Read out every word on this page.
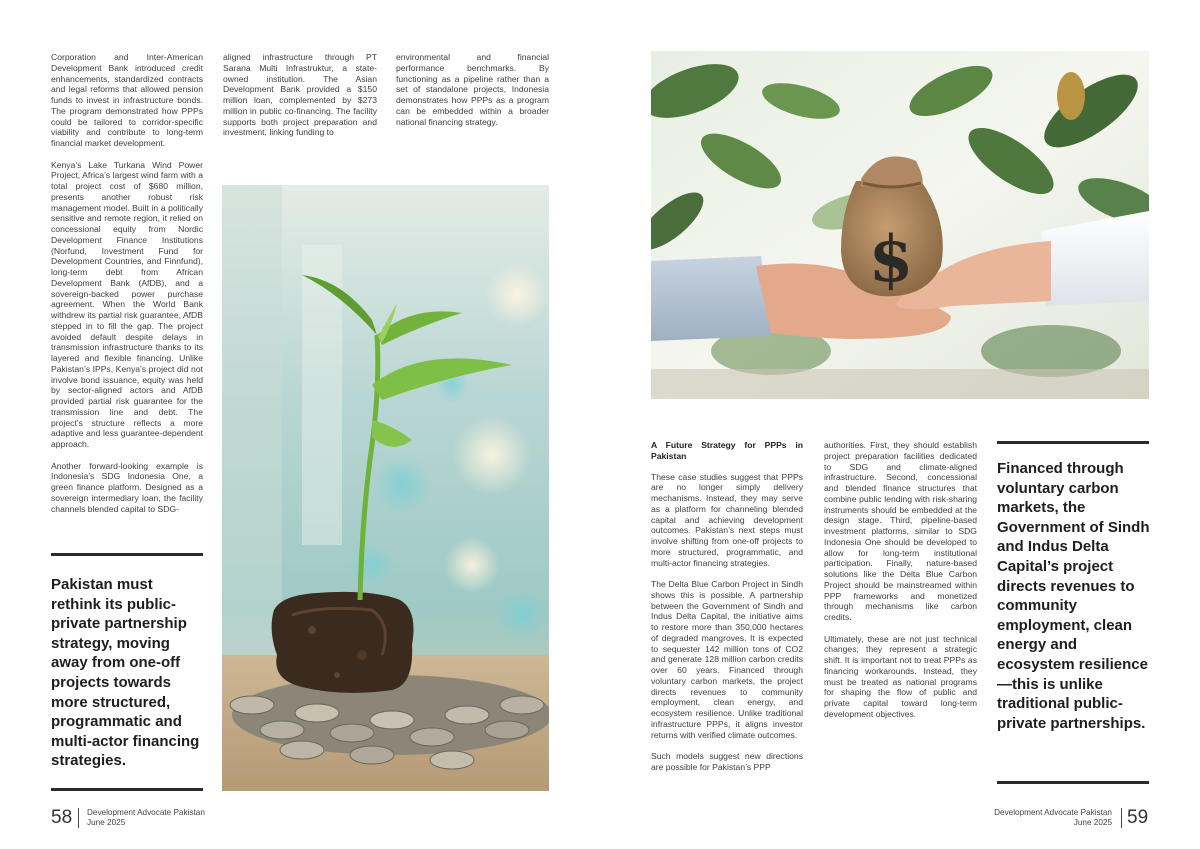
Corporation and Inter-American Development Bank introduced credit enhancements, standardized contracts and legal reforms that allowed pension funds to invest in infrastructure bonds. The program demonstrated how PPPs could be tailored to corridor-specific viability and contribute to long-term financial market development.

Kenya’s Lake Turkana Wind Power Project, Africa’s largest wind farm with a total project cost of $680 million, presents another robust risk management model. Built in a politically sensitive and remote region, it relied on concessional equity from Nordic Development Finance Institutions (Norfund, Investment Fund for Development Countries, and Finnfund), long-term debt from African Development Bank (AfDB), and a sovereign-backed power purchase agreement. When the World Bank withdrew its partial risk guarantee, AfDB stepped in to fill the gap. The project avoided default despite delays in transmission infrastructure thanks to its layered and flexible financing. Unlike Pakistan’s IPPs, Kenya’s project did not involve bond issuance, equity was held by sector-aligned actors and AfDB provided partial risk guarantee for the transmission line and debt. The project’s structure reflects a more adaptive and less guarantee-dependent approach.

Another forward-looking example is Indonesia’s SDG Indonesia One, a green finance platform. Designed as a sovereign intermediary loan, the facility channels blended capital to SDG-

aligned infrastructure through PT Sarana Multi Infrastruktur, a state-owned institution. The Asian Development Bank provided a $150 million loan, complemented by $273 million in public co-financing. The facility supports both project preparation and investment, linking funding to

environmental and financial performance benchmarks. By functioning as a pipeline rather than a set of standalone projects, Indonesia demonstrates how PPPs as a program can be embedded within a broader national financing strategy.

Pakistan must rethink its public-private partnership strategy, moving away from one-off projects towards more structured, programmatic and multi-actor financing strategies.

58 Development Advocate Pakistan
June 2025
$

A Future Strategy for PPPs in Pakistan

These case studies suggest that PPPs are no longer simply delivery mechanisms. Instead, they may serve as a platform for channeling blended capital and achieving development outcomes. Pakistan’s next steps must involve shifting from one-off projects to more structured, programmatic, and multi-actor financing strategies.

The Delta Blue Carbon Project in Sindh shows this is possible. A partnership between the Government of Sindh and Indus Delta Capital, the initiative aims to restore more than 350,000 hectares of degraded mangroves. It is expected to sequester 142 million tons of CO2 and generate 128 million carbon credits over 60 years. Financed through voluntary carbon markets, the project directs revenues to community employment, clean energy, and ecosystem resilience. Unlike traditional infrastructure PPPs, it aligns investor returns with verified climate outcomes.

Such models suggest new directions are possible for Pakistan’s PPP

authorities. First, they should establish project preparation facilities dedicated to SDG and climate-aligned infrastructure. Second, concessional and blended finance structures that combine public lending with risk-sharing instruments should be embedded at the design stage. Third, pipeline-based investment platforms, similar to SDG Indonesia One should be developed to allow for long-term institutional participation. Finally, nature-based solutions like the Delta Blue Carbon Project should be mainstreamed within PPP frameworks and monetized through mechanisms like carbon credits.

Ultimately, these are not just technical changes; they represent a strategic shift. It is important not to treat PPPs as financing workarounds. Instead, they must be treated as national programs for shaping the flow of public and private capital toward long-term development objectives.

Financed through voluntary carbon markets, the Government of Sindh and Indus Delta Capital’s project directs revenues to community employment, clean energy and ecosystem resilience—this is unlike traditional public-private partnerships.

Development Advocate Pakistan
June 2025 59
